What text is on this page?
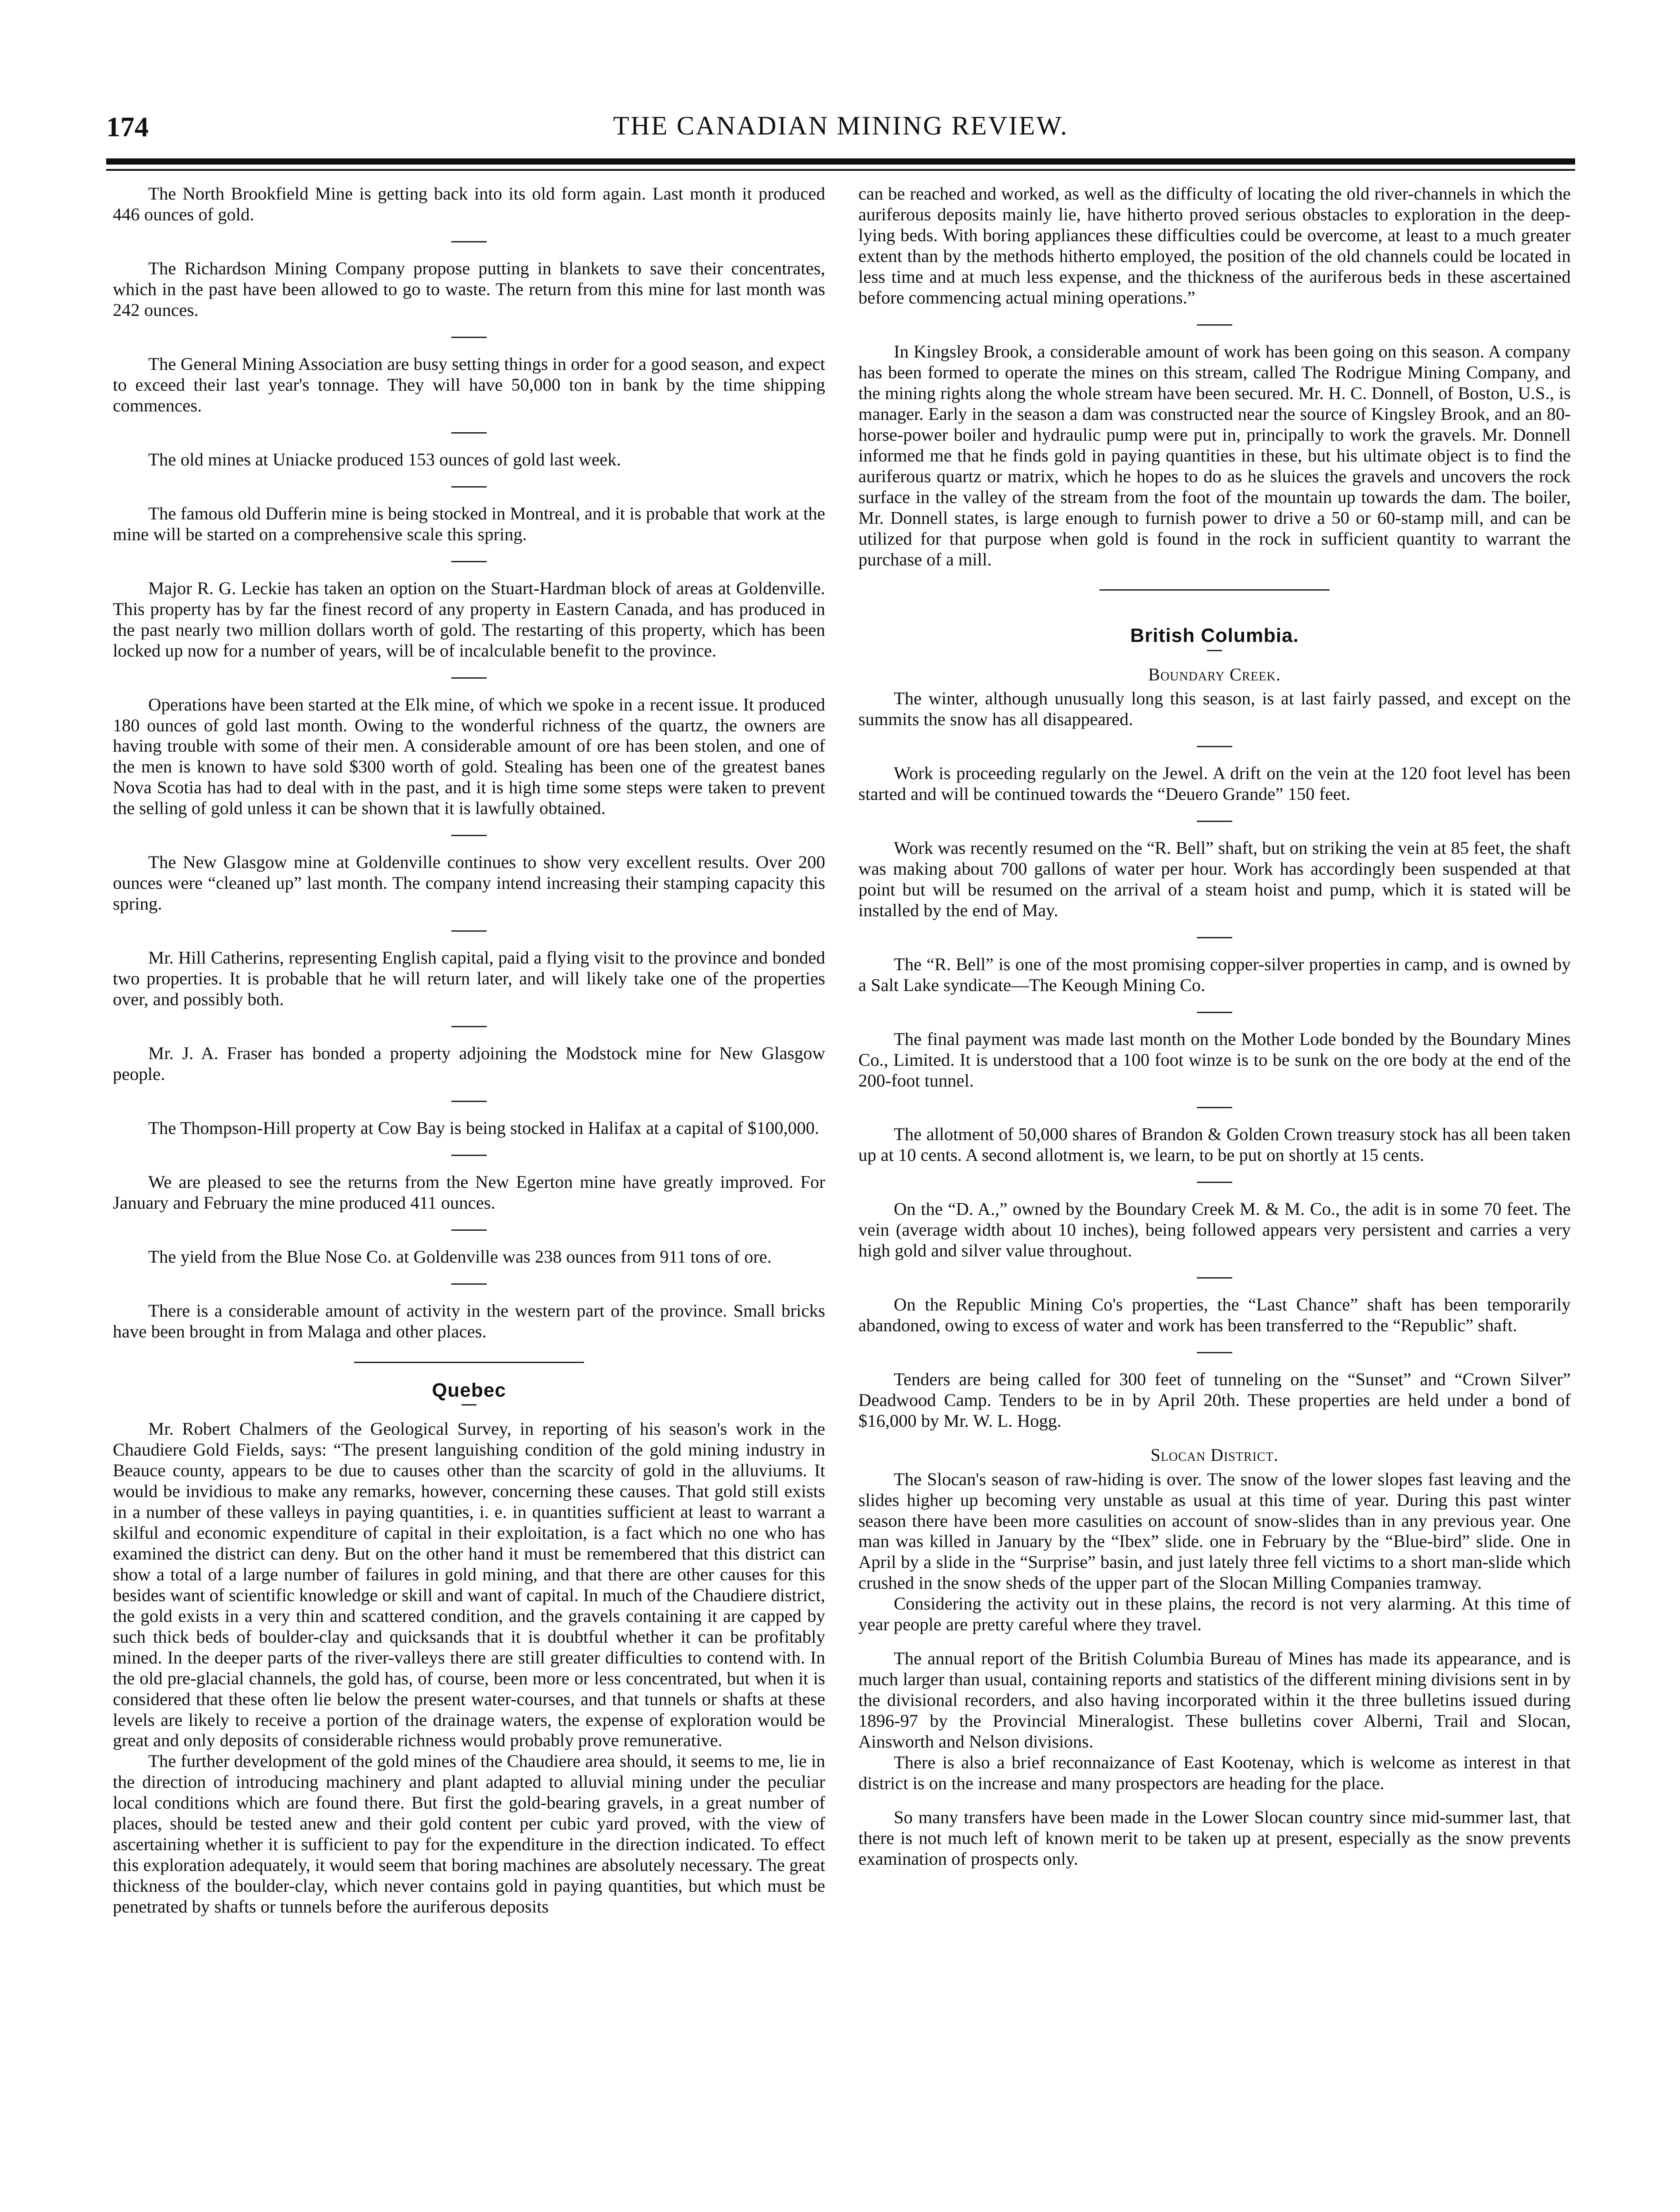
174	THE CANADIAN MINING REVIEW.

The North Brookfield Mine is getting back into its old form again. Last month it produced 446 ounces of gold.

The Richardson Mining Company propose putting in blankets to save their concentrates, which in the past have been allowed to go to waste. The return from this mine for last month was 242 ounces.

The General Mining Association are busy setting things in order for a good season, and expect to exceed their last year's tonnage. They will have 50,000 ton in bank by the time shipping commences.

The old mines at Uniacke produced 153 ounces of gold last week.

The famous old Dufferin mine is being stocked in Montreal, and it is probable that work at the mine will be started on a comprehensive scale this spring.

Major R. G. Leckie has taken an option on the Stuart-Hardman block of areas at Goldenville. This property has by far the finest record of any property in Eastern Canada, and has produced in the past nearly two million dollars worth of gold. The restarting of this property, which has been locked up now for a number of years, will be of incalculable benefit to the province.

Operations have been started at the Elk mine, of which we spoke in a recent issue. It produced 180 ounces of gold last month. Owing to the wonderful richness of the quartz, the owners are having trouble with some of their men. A considerable amount of ore has been stolen, and one of the men is known to have sold $300 worth of gold. Stealing has been one of the greatest banes Nova Scotia has had to deal with in the past, and it is high time some steps were taken to prevent the selling of gold unless it can be shown that it is lawfully obtained.

The New Glasgow mine at Goldenville continues to show very excellent results. Over 200 ounces were “cleaned up” last month. The company intend increasing their stamping capacity this spring.

Mr. Hill Catherins, representing English capital, paid a flying visit to the province and bonded two properties. It is probable that he will return later, and will likely take one of the properties over, and possibly both.

Mr. J. A. Fraser has bonded a property adjoining the Modstock mine for New Glasgow people.

The Thompson-Hill property at Cow Bay is being stocked in Halifax at a capital of $100,000.

We are pleased to see the returns from the New Egerton mine have greatly improved. For January and February the mine produced 411 ounces.

The yield from the Blue Nose Co. at Goldenville was 238 ounces from 911 tons of ore.

There is a considerable amount of activity in the western part of the province. Small bricks have been brought in from Malaga and other places.

Quebec

Mr. Robert Chalmers of the Geological Survey, in reporting of his season's work in the Chaudiere Gold Fields, says: “The present languishing condition of the gold mining industry in Beauce county, appears to be due to causes other than the scarcity of gold in the alluviums. It would be invidious to make any remarks, however, concerning these causes. That gold still exists in a number of these valleys in paying quantities, i. e. in quantities sufficient at least to warrant a skilful and economic expenditure of capital in their exploitation, is a fact which no one who has examined the district can deny. But on the other hand it must be remembered that this district can show a total of a large number of failures in gold mining, and that there are other causes for this besides want of scientific knowledge or skill and want of capital. In much of the Chaudiere district, the gold exists in a very thin and scattered condition, and the gravels containing it are capped by such thick beds of boulder-clay and quicksands that it is doubtful whether it can be profitably mined. In the deeper parts of the river-valleys there are still greater difficulties to contend with. In the old pre-glacial channels, the gold has, of course, been more or less concentrated, but when it is considered that these often lie below the present water-courses, and that tunnels or shafts at these levels are likely to receive a portion of the drainage waters, the expense of exploration would be great and only deposits of considerable richness would probably prove remunerative.

The further development of the gold mines of the Chaudiere area should, it seems to me, lie in the direction of introducing machinery and plant adapted to alluvial mining under the peculiar local conditions which are found there. But first the gold-bearing gravels, in a great number of places, should be tested anew and their gold content per cubic yard proved, with the view of ascertaining whether it is sufficient to pay for the expenditure in the direction indicated. To effect this exploration adequately, it would seem that boring machines are absolutely necessary. The great thickness of the boulder-clay, which never contains gold in paying quantities, but which must be penetrated by shafts or tunnels before the auriferous deposits

can be reached and worked, as well as the difficulty of locating the old river-channels in which the auriferous deposits mainly lie, have hitherto proved serious obstacles to exploration in the deep-lying beds. With boring appliances these difficulties could be overcome, at least to a much greater extent than by the methods hitherto employed, the position of the old channels could be located in less time and at much less expense, and the thickness of the auriferous beds in these ascertained before commencing actual mining operations.”

In Kingsley Brook, a considerable amount of work has been going on this season. A company has been formed to operate the mines on this stream, called The Rodrigue Mining Company, and the mining rights along the whole stream have been secured. Mr. H. C. Donnell, of Boston, U.S., is manager. Early in the season a dam was constructed near the source of Kingsley Brook, and an 80-horse-power boiler and hydraulic pump were put in, principally to work the gravels. Mr. Donnell informed me that he finds gold in paying quantities in these, but his ultimate object is to find the auriferous quartz or matrix, which he hopes to do as he sluices the gravels and uncovers the rock surface in the valley of the stream from the foot of the mountain up towards the dam. The boiler, Mr. Donnell states, is large enough to furnish power to drive a 50 or 60-stamp mill, and can be utilized for that purpose when gold is found in the rock in sufficient quantity to warrant the purchase of a mill.

British Columbia.
Boundary Creek.

The winter, although unusually long this season, is at last fairly passed, and except on the summits the snow has all disappeared.

Work is proceeding regularly on the Jewel. A drift on the vein at the 120 foot level has been started and will be continued towards the “Deuero Grande” 150 feet.

Work was recently resumed on the “R. Bell” shaft, but on striking the vein at 85 feet, the shaft was making about 700 gallons of water per hour. Work has accordingly been suspended at that point but will be resumed on the arrival of a steam hoist and pump, which it is stated will be installed by the end of May.

The “R. Bell” is one of the most promising copper-silver properties in camp, and is owned by a Salt Lake syndicate—The Keough Mining Co.

The final payment was made last month on the Mother Lode bonded by the Boundary Mines Co., Limited. It is understood that a 100 foot winze is to be sunk on the ore body at the end of the 200-foot tunnel.

The allotment of 50,000 shares of Brandon & Golden Crown treasury stock has all been taken up at 10 cents. A second allotment is, we learn, to be put on shortly at 15 cents.

On the “D. A.,” owned by the Boundary Creek M. & M. Co., the adit is in some 70 feet. The vein (average width about 10 inches), being followed appears very persistent and carries a very high gold and silver value throughout.

On the Republic Mining Co's properties, the “Last Chance” shaft has been temporarily abandoned, owing to excess of water and work has been transferred to the “Republic” shaft.

Tenders are being called for 300 feet of tunneling on the “Sunset” and “Crown Silver” Deadwood Camp. Tenders to be in by April 20th. These properties are held under a bond of $16,000 by Mr. W. L. Hogg.

Slocan District.

The Slocan's season of raw-hiding is over. The snow of the lower slopes fast leaving and the slides higher up becoming very unstable as usual at this time of year. During this past winter season there have been more casulities on account of snow-slides than in any previous year. One man was killed in January by the “Ibex” slide. one in February by the “Blue-bird” slide. One in April by a slide in the “Surprise” basin, and just lately three fell victims to a short man-slide which crushed in the snow sheds of the upper part of the Slocan Milling Companies tramway.

Considering the activity out in these plains, the record is not very alarming. At this time of year people are pretty careful where they travel.

The annual report of the British Columbia Bureau of Mines has made its appearance, and is much larger than usual, containing reports and statistics of the different mining divisions sent in by the divisional recorders, and also having incorporated within it the three bulletins issued during 1896-97 by the Provincial Mineralogist. These bulletins cover Alberni, Trail and Slocan, Ainsworth and Nelson divisions.

There is also a brief reconnaizance of East Kootenay, which is welcome as interest in that district is on the increase and many prospectors are heading for the place.

So many transfers have been made in the Lower Slocan country since mid-summer last, that there is not much left of known merit to be taken up at present, especially as the snow prevents examination of prospects only.
